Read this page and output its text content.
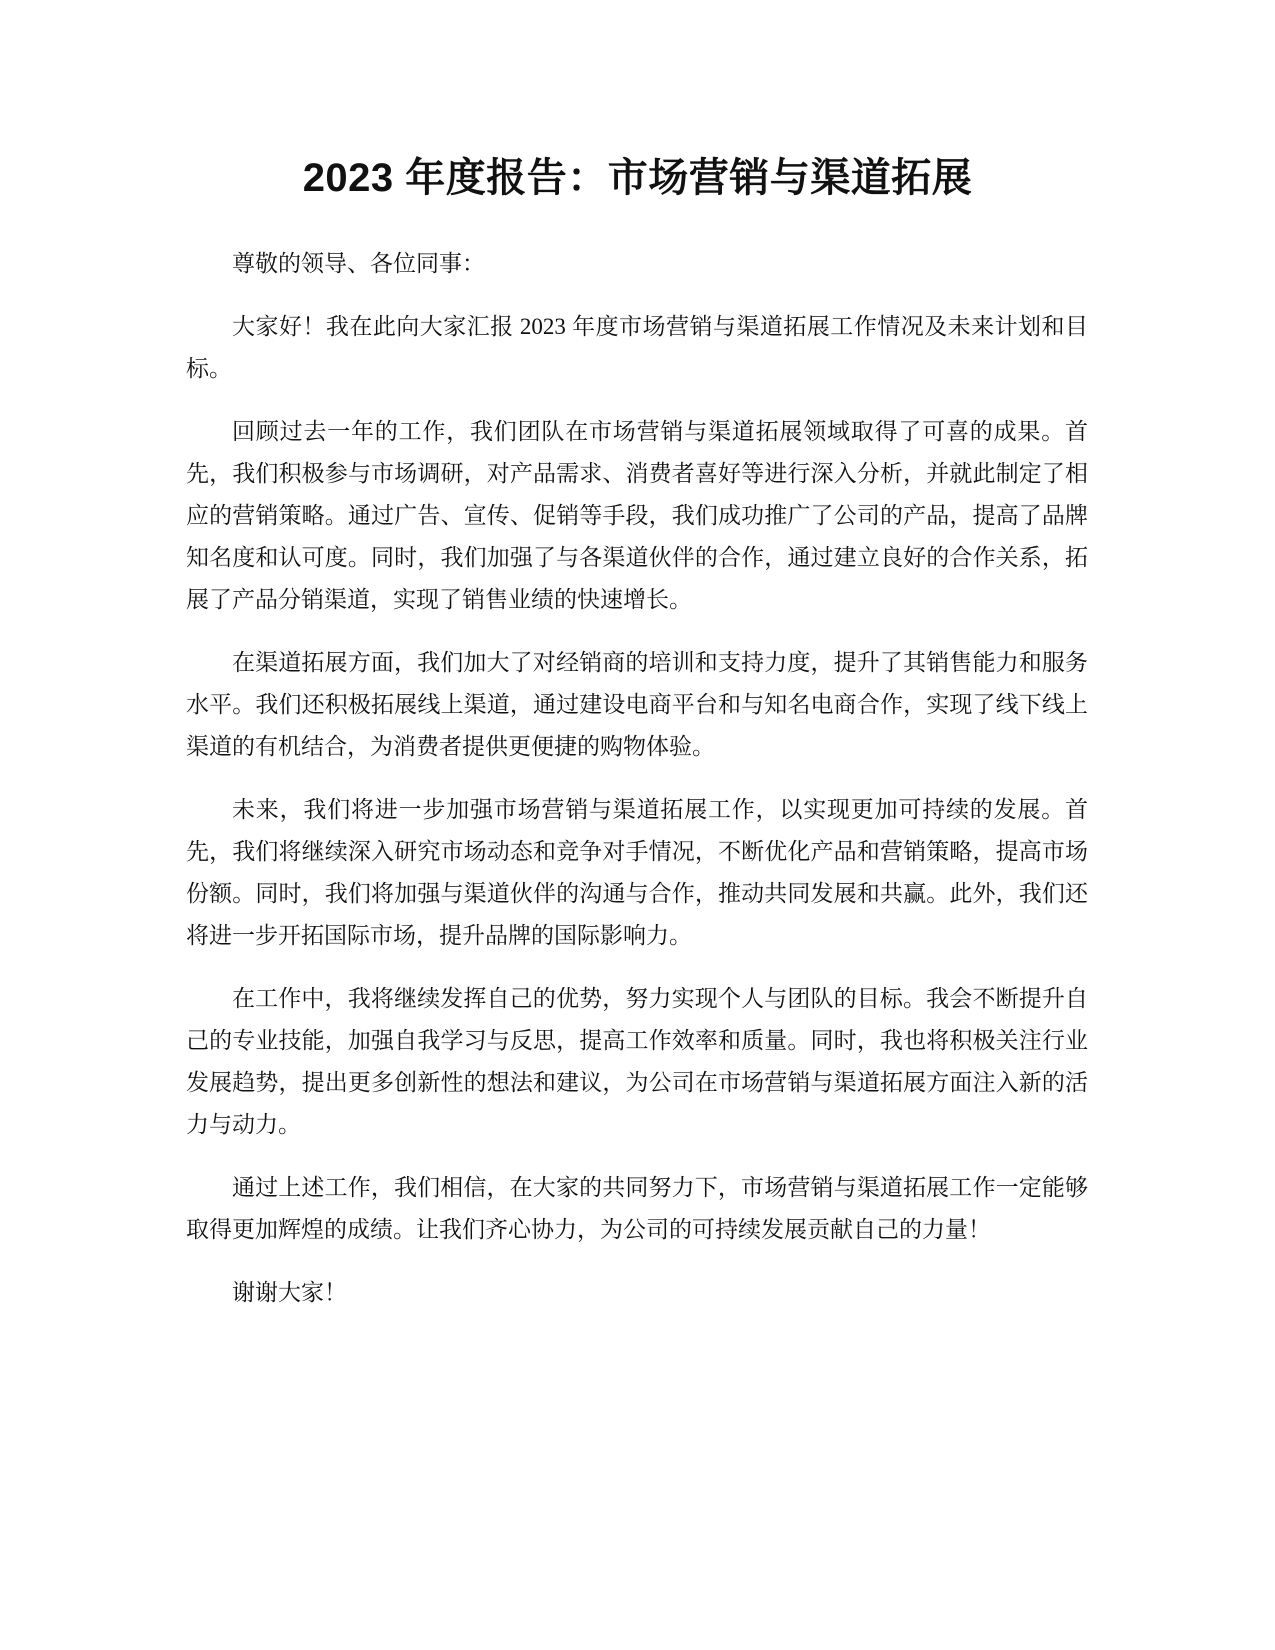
2023 年度报告：市场营销与渠道拓展

尊敬的领导、各位同事：

大家好！我在此向大家汇报 2023 年度市场营销与渠道拓展工作情况及未来计划和目标。

回顾过去一年的工作，我们团队在市场营销与渠道拓展领域取得了可喜的成果。首先，我们积极参与市场调研，对产品需求、消费者喜好等进行深入分析，并就此制定了相应的营销策略。通过广告、宣传、促销等手段，我们成功推广了公司的产品，提高了品牌知名度和认可度。同时，我们加强了与各渠道伙伴的合作，通过建立良好的合作关系，拓展了产品分销渠道，实现了销售业绩的快速增长。

在渠道拓展方面，我们加大了对经销商的培训和支持力度，提升了其销售能力和服务水平。我们还积极拓展线上渠道，通过建设电商平台和与知名电商合作，实现了线下线上渠道的有机结合，为消费者提供更便捷的购物体验。

未来，我们将进一步加强市场营销与渠道拓展工作，以实现更加可持续的发展。首先，我们将继续深入研究市场动态和竞争对手情况，不断优化产品和营销策略，提高市场份额。同时，我们将加强与渠道伙伴的沟通与合作，推动共同发展和共赢。此外，我们还将进一步开拓国际市场，提升品牌的国际影响力。

在工作中，我将继续发挥自己的优势，努力实现个人与团队的目标。我会不断提升自己的专业技能，加强自我学习与反思，提高工作效率和质量。同时，我也将积极关注行业发展趋势，提出更多创新性的想法和建议，为公司在市场营销与渠道拓展方面注入新的活力与动力。

通过上述工作，我们相信，在大家的共同努力下，市场营销与渠道拓展工作一定能够取得更加辉煌的成绩。让我们齐心协力，为公司的可持续发展贡献自己的力量！

谢谢大家！
